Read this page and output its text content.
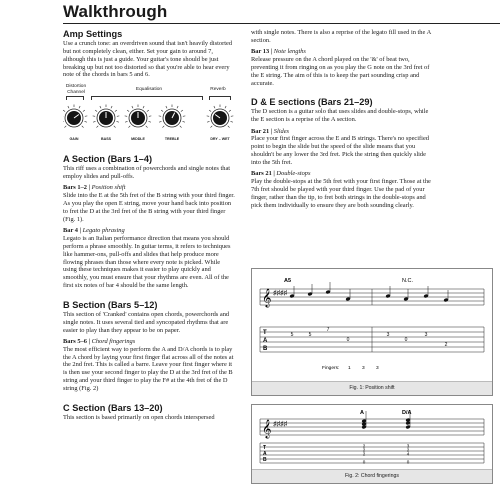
Walkthrough
Amp Settings

Use a crunch tone: an overdriven sound that isn't heavily distorted but not completely clean, either. Set your gain to around 7, although this is just a guide. Your guitar's tone should be just breaking up but not too distorted so that you're able to hear every note of the chords in bars 5 and 6.

Distortion Channel	Equalisation	Reverb
GAIN	BASS	MIDDLE	TREBLE	DRY – WET
A Section (Bars 1–4)

This riff uses a combination of powerchords and single notes that employ slides and pull-offs.

Bars 1–2 | Position shift
Slide into the E at the 5th fret of the B string with your third finger. As you play the open E string, move your hand back into position to fret the D at the 3rd fret of the B string with your third finger (Fig. 1).

Bar 4 | Legato phrasing
Legato is an Italian performance direction that means you should perform a phrase smoothly. In guitar terms, it refers to techniques like hammer-ons, pull-offs and slides that help produce more flowing phrases than those where every note is picked. While using these techniques makes it easier to play quickly and smoothly, you must ensure that your rhythms are even. All of the first six notes of bar 4 should be the same length.

B Section (Bars 5–12)

This section of 'Cranked' contains open chords, powerchords and single notes. It uses several tied and syncopated rhythms that are easier to play than they appear to be on paper.

Bars 5–6 | Chord fingerings
The most efficient way to perform the A and D/A chords is to play the A chord by laying your first finger flat across all of the notes at the 2nd fret. This is called a barre. Leave your first finger where it is then use your second finger to play the D at the 3rd fret of the B string and your third finger to play the F# at the 4th fret of the D string (Fig. 2)

C Section (Bars 13–20)

This section is based primarily on open chords interspersed

with single notes. There is also a reprise of the legato fill used in the A section.

Bar 13 | Note lengths
Release pressure on the A chord played on the '&' of beat two, preventing it from ringing on as you play the G note on the 3rd fret of the E string. The aim of this is to keep the part sounding crisp and accurate.

D & E sections (Bars 21–29)

The D section is a guitar solo that uses slides and double-stops, while the E section is a reprise of the A section.

Bar 21 | Slides
Place your first finger across the E and B strings. There's no specified point to begin the slide but the speed of the slide means that you shouldn't be any lower the 3rd fret. Pick the string then quickly slide into the 5th fret.

Bars 21 | Double-stops
Play the double-stops at the 5th fret with your first finger. Those at the 7th fret should be played with your third finger. Use the pad of your finger, rather than the tip, to fret both strings in the double-stops and pick them individually to ensure they are both sounding clearly.

𝄞 ♯♯♯♯
A5	N.C.
T
A
B
5	5
7
0
3
0
3
2
Fingers: 1 3 3
Fig. 1: Position shift
𝄞 ♯♯♯♯
A	D/A
T
A
B
2
2
2
0
3
2
4
0
Fig. 2: Chord fingerings
